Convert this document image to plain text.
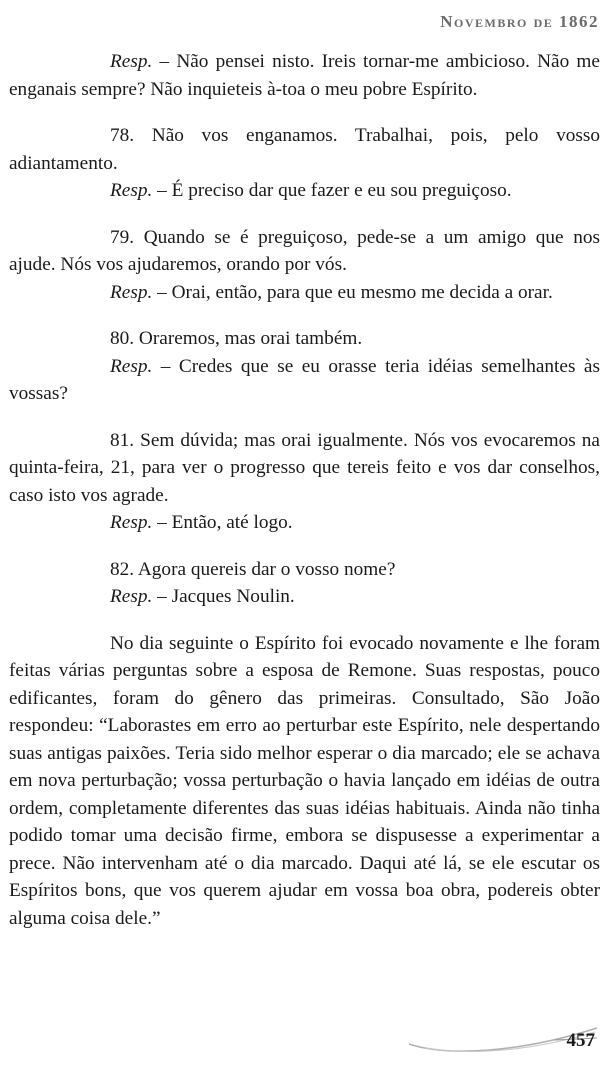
Novembro de 1862

Resp. – Não pensei nisto. Ireis tornar-me ambicioso. Não me enganais sempre? Não inquieteis à-toa o meu pobre Espírito.

78. Não vos enganamos. Trabalhai, pois, pelo vosso adiantamento.

Resp. – É preciso dar que fazer e eu sou preguiçoso.

79. Quando se é preguiçoso, pede-se a um amigo que nos ajude. Nós vos ajudaremos, orando por vós.

Resp. – Orai, então, para que eu mesmo me decida a orar.

80. Oraremos, mas orai também.

Resp. – Credes que se eu orasse teria idéias semelhantes às vossas?

81. Sem dúvida; mas orai igualmente. Nós vos evocaremos na quinta-feira, 21, para ver o progresso que tereis feito e vos dar conselhos, caso isto vos agrade.

Resp. – Então, até logo.

82. Agora quereis dar o vosso nome?

Resp. – Jacques Noulin.

No dia seguinte o Espírito foi evocado novamente e lhe foram feitas várias perguntas sobre a esposa de Remone. Suas respostas, pouco edificantes, foram do gênero das primeiras. Consultado, São João respondeu: “Laborastes em erro ao perturbar este Espírito, nele despertando suas antigas paixões. Teria sido melhor esperar o dia marcado; ele se achava em nova perturbação; vossa perturbação o havia lançado em idéias de outra ordem, completamente diferentes das suas idéias habituais. Ainda não tinha podido tomar uma decisão firme, embora se dispusesse a experimentar a prece. Não intervenham até o dia marcado. Daqui até lá, se ele escutar os Espíritos bons, que vos querem ajudar em vossa boa obra, podereis obter alguma coisa dele.”

457
